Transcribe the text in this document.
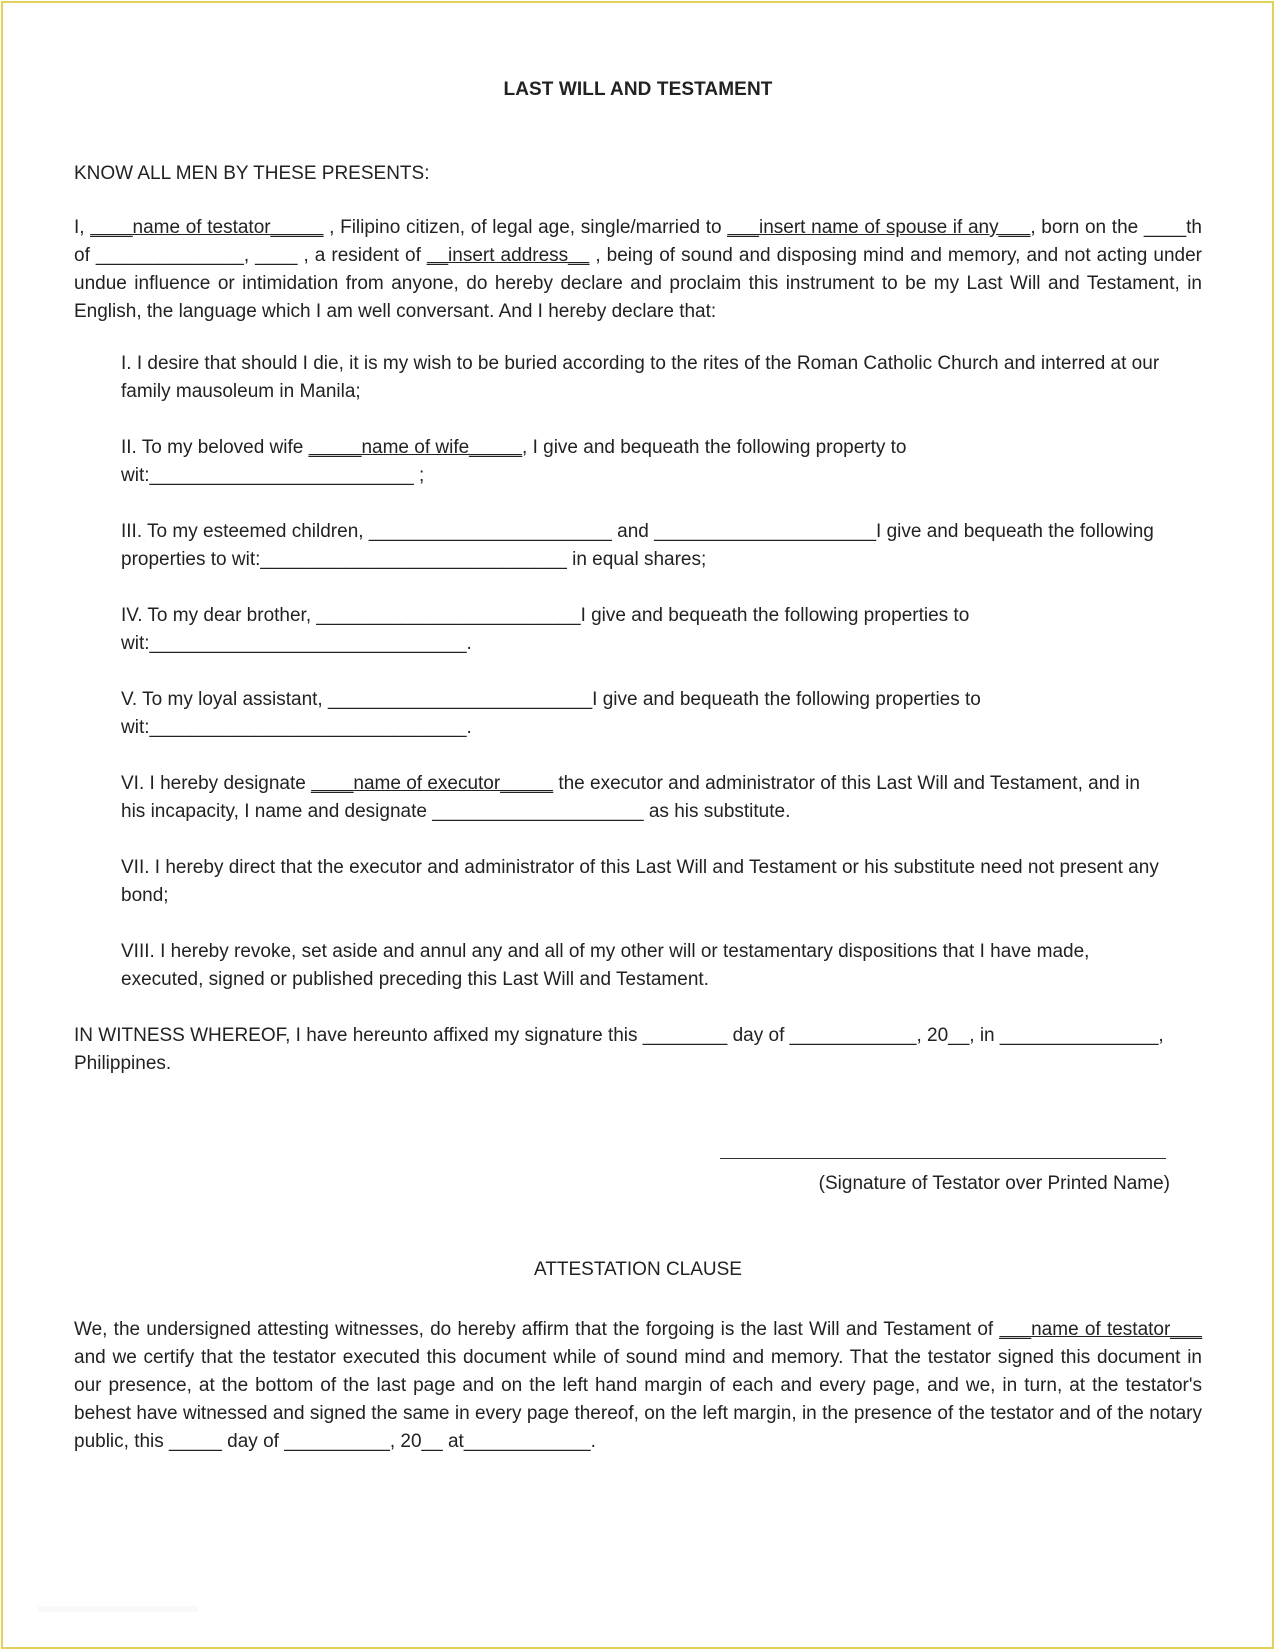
LAST WILL AND TESTAMENT

KNOW ALL MEN BY THESE PRESENTS:

I, ____name of testator_____ , Filipino citizen, of legal age, single/married to ___insert name of spouse if any___, born on the ____th of ______________, ____ , a resident of __insert address__ , being of sound and disposing mind and memory, and not acting under undue influence or intimidation from anyone, do hereby declare and proclaim this instrument to be my Last Will and Testament, in English, the language which I am well conversant. And I hereby declare that:

I. I desire that should I die, it is my wish to be buried according to the rites of the Roman Catholic Church and interred at our family mausoleum in Manila;

II. To my beloved wife _____name of wife_____, I give and bequeath the following property to wit:_________________________ ;

III. To my esteemed children, _______________________ and _____________________I give and bequeath the following properties to wit:_____________________________ in equal shares;

IV. To my dear brother, _________________________I give and bequeath the following properties to wit:______________________________.

V. To my loyal assistant, _________________________I give and bequeath the following properties to wit:______________________________.

VI. I hereby designate ____name of executor_____ the executor and administrator of this Last Will and Testament, and in his incapacity, I name and designate ____________________ as his substitute.

VII. I hereby direct that the executor and administrator of this Last Will and Testament or his substitute need not present any bond;

VIII. I hereby revoke, set aside and annul any and all of my other will or testamentary dispositions that I have made, executed, signed or published preceding this Last Will and Testament.

IN WITNESS WHEREOF, I have hereunto affixed my signature this ________ day of ____________, 20__, in _______________, Philippines.

(Signature of Testator over Printed Name)

ATTESTATION CLAUSE

We, the undersigned attesting witnesses, do hereby affirm that the forgoing is the last Will and Testament of ___name of testator___ and we certify that the testator executed this document while of sound mind and memory. That the testator signed this document in our presence, at the bottom of the last page and on the left hand margin of each and every page, and we, in turn, at the testator's behest have witnessed and signed the same in every page thereof, on the left margin, in the presence of the testator and of the notary public, this _____ day of __________, 20__ at____________.
